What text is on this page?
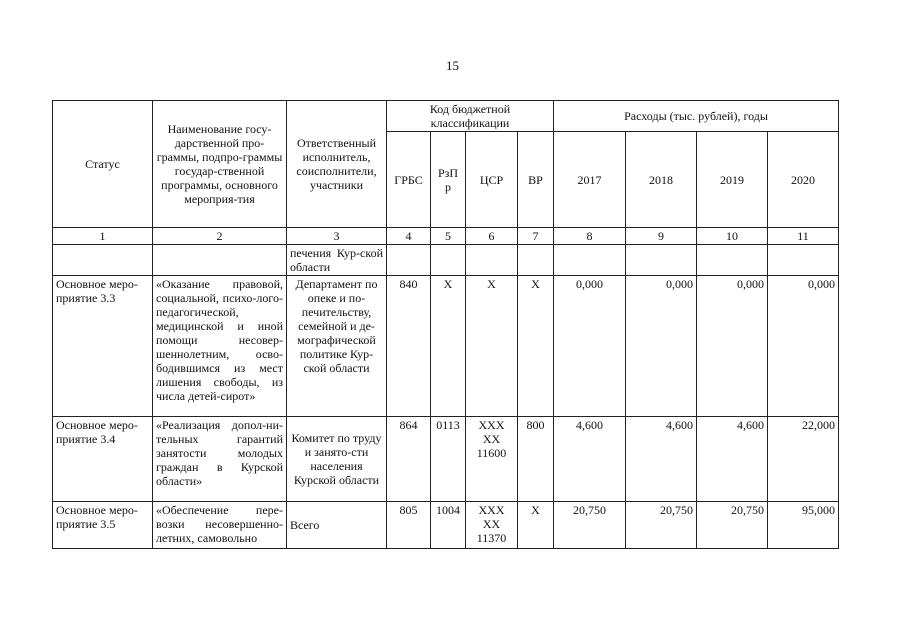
15
Статус	Наименование госу-дарственной про-граммы, подпро-граммы государ-ственной программы, основного мероприя-тия	Ответственный исполнитель, соисполнители, участники	Код бюджетной классификации				Расходы (тыс. рублей), годы			
			ГРБС	РзП р	ЦСР	ВР	2017	2018	2019	2020
1	2	3	4	5	6	7	8	9	10	11
		печения Кур-ской области								
Основное меро-приятие 3.3	«Оказание правовой, социальной, психо-лого-педагогической, медицинской и иной помощи несовер-шеннолетним, осво-бодившимся из мест лишения свободы, из числа детей-сирот»	Департамент по опеке и по-печительству, семейной и де-мографической политике Кур-ской области	840	Х	Х	Х	0,000	0,000	0,000	0,000
Основное меро-приятие 3.4	«Реализация допол-ни-тельных гарантий занятости молодых граждан в Курской области»	Комитет по труду и занято-сти населения Курской области	864	0113	ХХХ ХХ 11600	800	4,600	4,600	4,600	22,000
Основное меро-приятие 3.5	«Обеспечение пере-возки несовершенно-летних, самовольно	Всего	805	1004	ХХХ ХХ 11370	Х	20,750	20,750	20,750	95,000
